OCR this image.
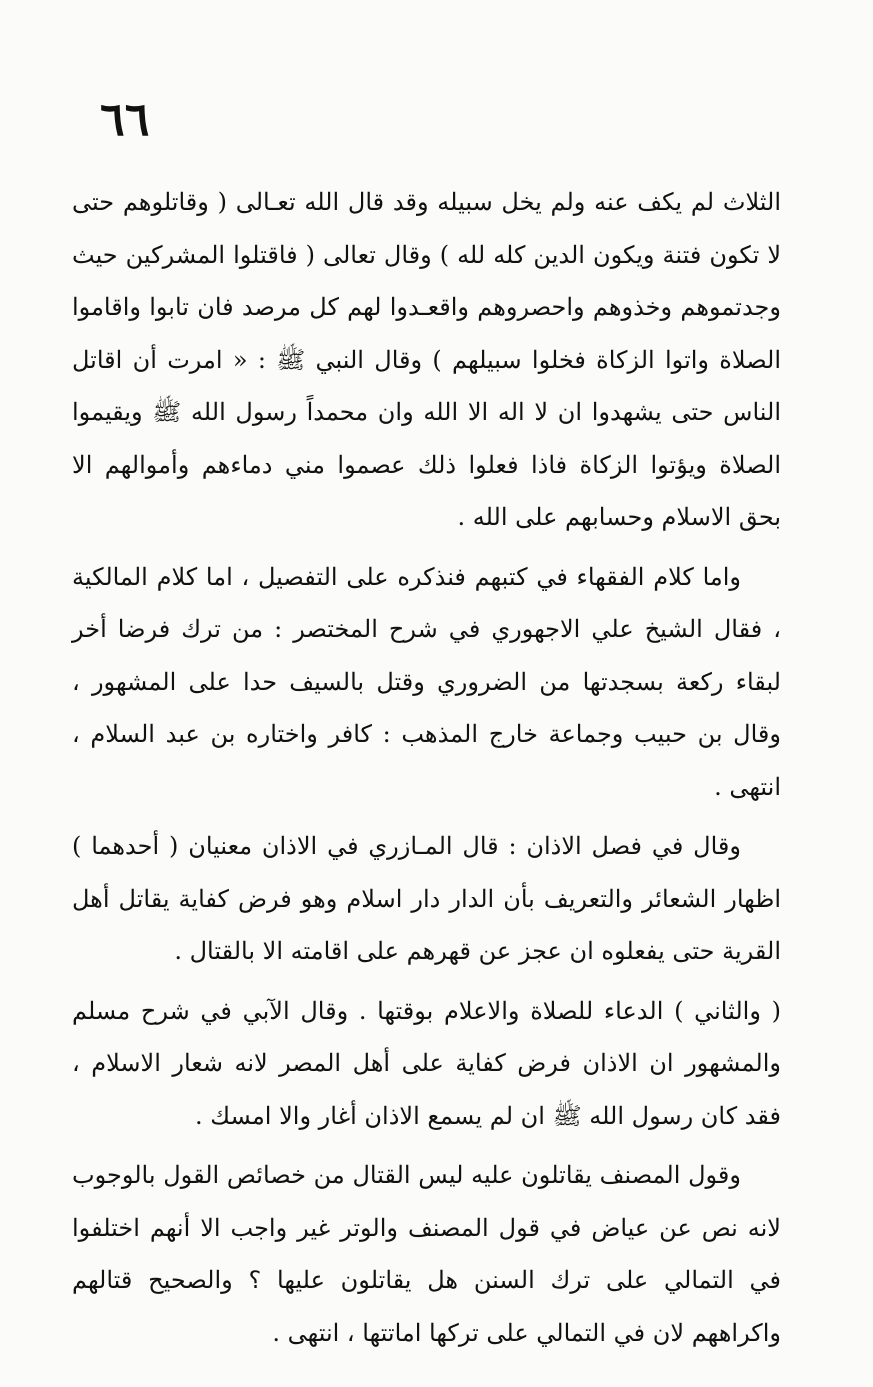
٦٦

الثلاث لم يكف عنه ولم يخل سبيله وقد قال الله تعـالى ( وقاتلوهم حتى لا تكون فتنة ويكون الدين كله لله ) وقال تعالى ( فاقتلوا المشركين حيث وجدتموهم وخذوهم واحصروهم واقعـدوا لهم كل مرصد فان تابوا واقاموا الصلاة واتوا الزكاة فخلوا سبيلهم ) وقال النبي ﷺ : « امرت أن اقاتل الناس حتى يشهدوا ان لا اله الا الله وان محمداً رسول الله ﷺ ويقيموا الصلاة ويؤتوا الزكاة فاذا فعلوا ذلك عصموا مني دماءهم وأموالهم الا بحق الاسلام وحسابهم على الله .

واما كلام الفقهاء في كتبهم فنذكره على التفصيل ، اما كلام المالكية ، فقال الشيخ علي الاجهوري في شرح المختصر : من ترك فرضا أخر لبقاء ركعة بسجدتها من الضروري وقتل بالسيف حدا على المشهور ، وقال بن حبيب وجماعة خارج المذهب : كافر واختاره بن عبد السلام ، انتهى .

وقال في فصل الاذان : قال المـازري في الاذان معنيان ( أحدهما ) اظهار الشعائر والتعريف بأن الدار دار اسلام وهو فرض كفاية يقاتل أهل القرية حتى يفعلوه ان عجز عن قهرهم على اقامته الا بالقتال .

( والثاني ) الدعاء للصلاة والاعلام بوقتها . وقال الآبي في شرح مسلم والمشهور ان الاذان فرض كفاية على أهل المصر لانه شعار الاسلام ، فقد كان رسول الله ﷺ ان لم يسمع الاذان أغار والا امسك .

وقول المصنف يقاتلون عليه ليس القتال من خصائص القول بالوجوب لانه نص عن عياض في قول المصنف والوتر غير واجب الا أنهم اختلفوا في التمالي على ترك السنن هل يقاتلون عليها ؟ والصحيح قتالهم واكراههم لان في التمالي على تركها اماتتها ، انتهى .
